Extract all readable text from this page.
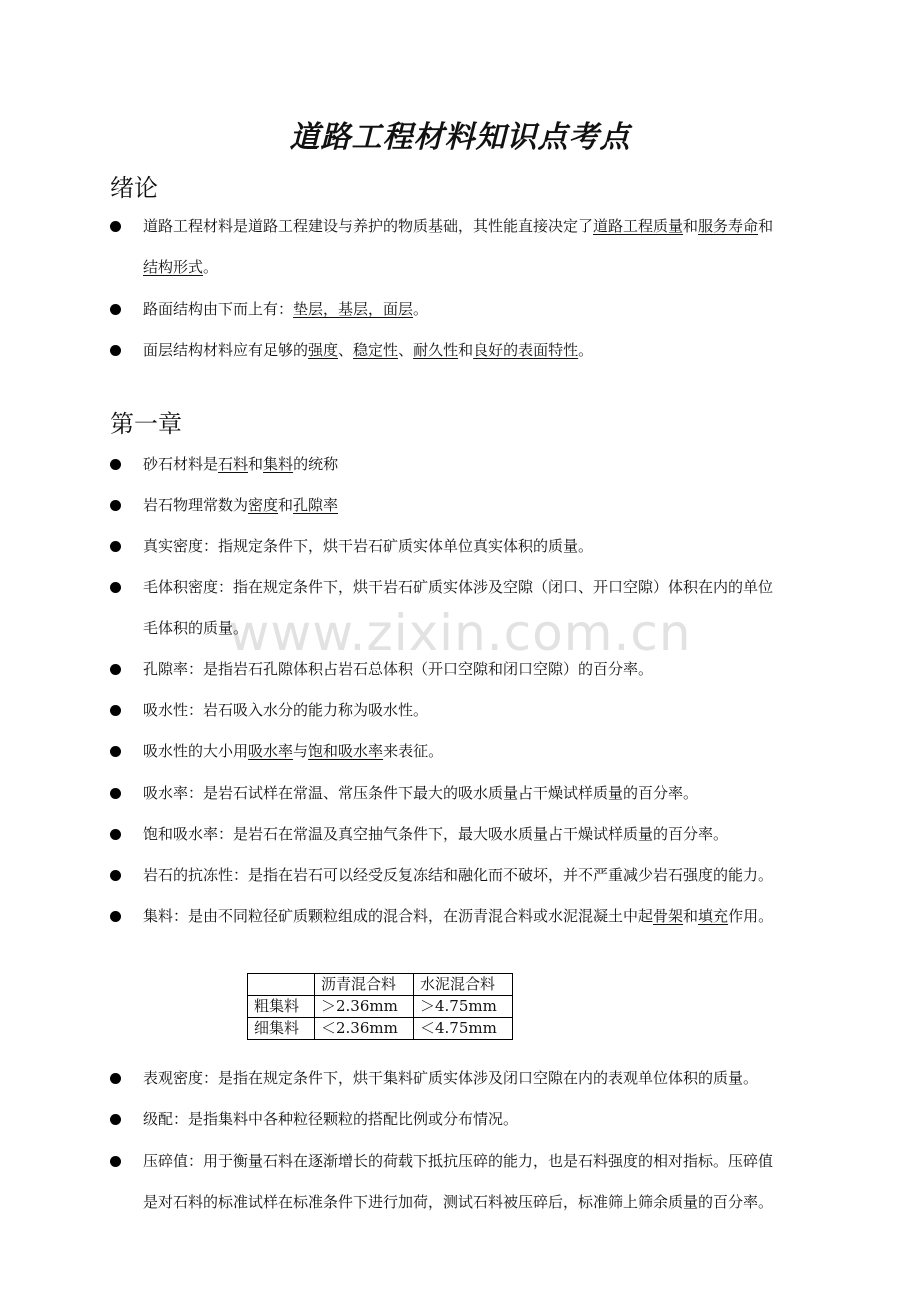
道路工程材料知识点考点
www.zixin.com.cn
绪论
道路工程材料是道路工程建设与养护的物质基础，其性能直接决定了道路工程质量和服务寿命和
结构形式。
路面结构由下而上有：垫层，基层，面层。
面层结构材料应有足够的强度、稳定性、耐久性和良好的表面特性。
第一章
砂石材料是石料和集料的统称
岩石物理常数为密度和孔隙率
真实密度：指规定条件下，烘干岩石矿质实体单位真实体积的质量。
毛体积密度：指在规定条件下，烘干岩石矿质实体涉及空隙（闭口、开口空隙）体积在内的单位
毛体积的质量。
孔隙率：是指岩石孔隙体积占岩石总体积（开口空隙和闭口空隙）的百分率。
吸水性：岩石吸入水分的能力称为吸水性。
吸水性的大小用吸水率与饱和吸水率来表征。
吸水率：是岩石试样在常温、常压条件下最大的吸水质量占干燥试样质量的百分率。
饱和吸水率：是岩石在常温及真空抽气条件下，最大吸水质量占干燥试样质量的百分率。
岩石的抗冻性：是指在岩石可以经受反复冻结和融化而不破坏，并不严重减少岩石强度的能力。
集料：是由不同粒径矿质颗粒组成的混合料，在沥青混合料或水泥混凝土中起骨架和填充作用。
	沥青混合料	水泥混合料
粗集料	＞2.36mm	＞4.75mm
细集料	＜2.36mm	＜4.75mm
表观密度：是指在规定条件下，烘干集料矿质实体涉及闭口空隙在内的表观单位体积的质量。
级配：是指集料中各种粒径颗粒的搭配比例或分布情况。
压碎值：用于衡量石料在逐渐增长的荷载下抵抗压碎的能力，也是石料强度的相对指标。压碎值
是对石料的标准试样在标准条件下进行加荷，测试石料被压碎后，标准筛上筛余质量的百分率。
